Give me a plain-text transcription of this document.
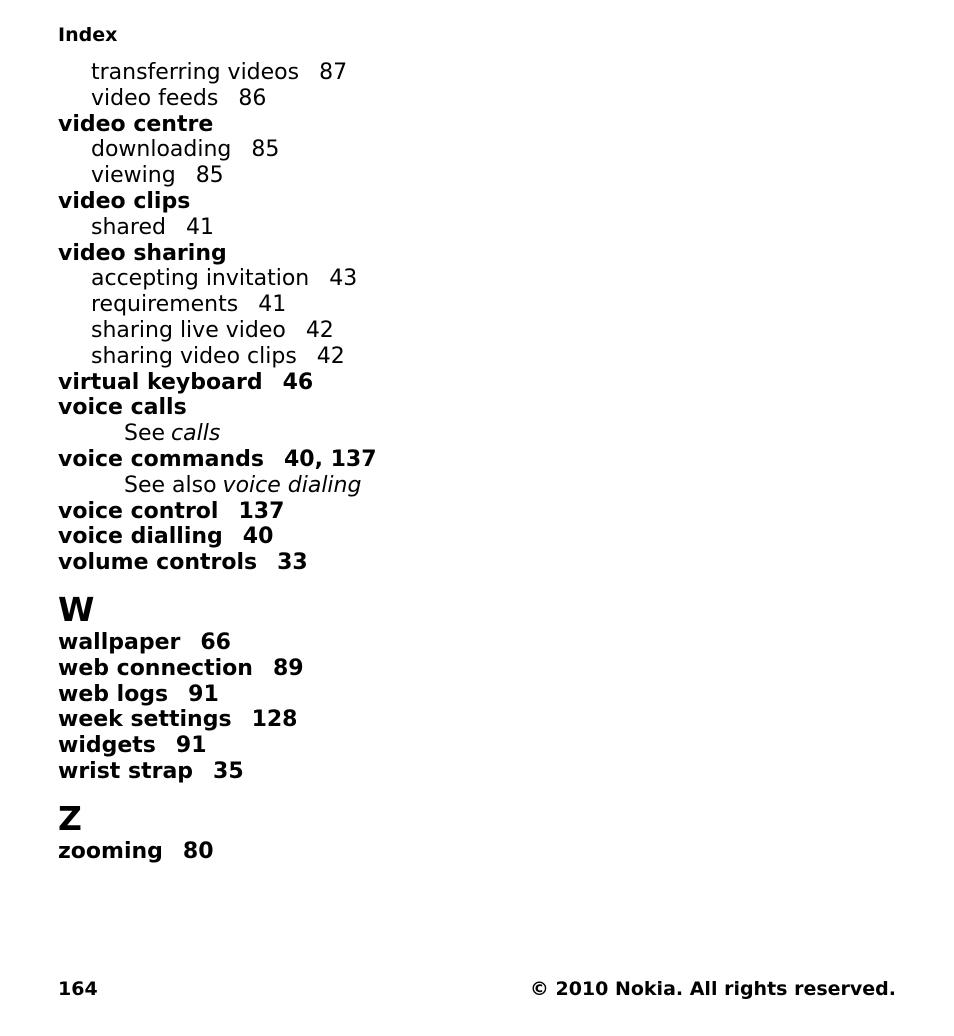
Index
transferring videos 87
video feeds 86
video centre
downloading 85
viewing 85
video clips
shared 41
video sharing
accepting invitation 43
requirements 41
sharing live video 42
sharing video clips 42
virtual keyboard 46
voice calls
See calls
voice commands 40, 137
See also voice dialing
voice control 137
voice dialling 40
volume controls 33
W
wallpaper 66
web connection 89
web logs 91
week settings 128
widgets 91
wrist strap 35
Z
zooming 80
164	© 2010 Nokia. All rights reserved.
